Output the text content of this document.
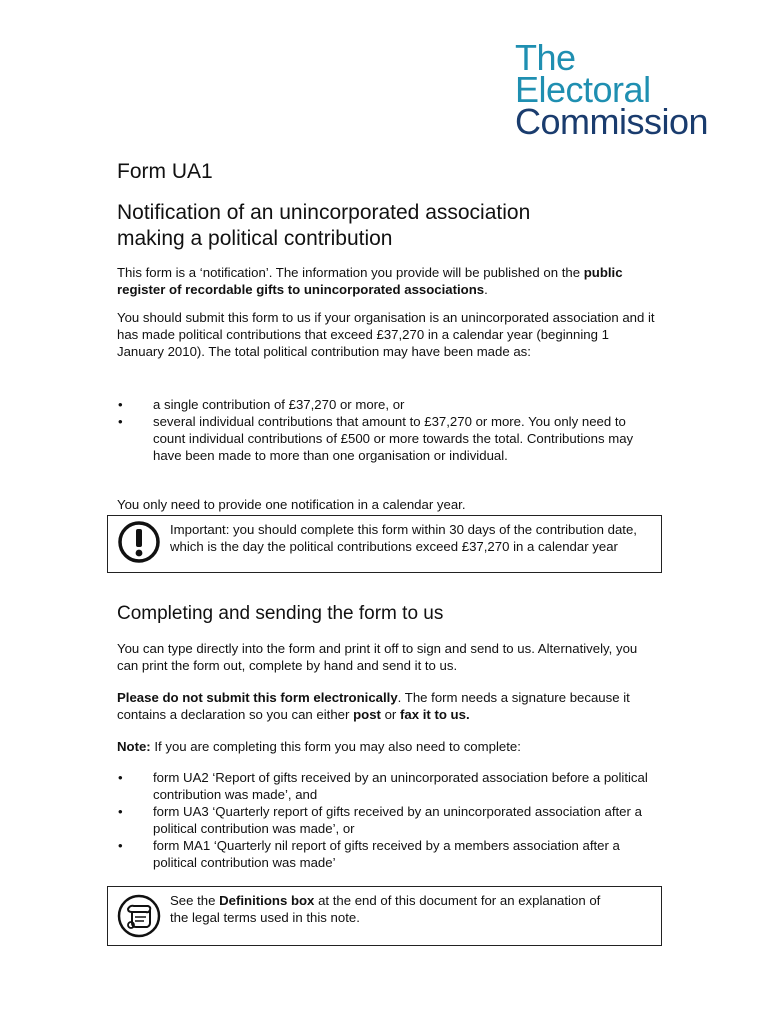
The
Electoral
Commission
Form UA1
Notification of an unincorporated association
making a political contribution
This form is a ‘notification’. The information you provide will be published on the public register of recordable gifts to unincorporated associations.
You should submit this form to us if your organisation is an unincorporated association and it has made political contributions that exceed £37,270 in a calendar year (beginning 1 January 2010). The total political contribution may have been made as:
• a single contribution of £37,270 or more, or
• several individual contributions that amount to £37,270 or more. You only need to count individual contributions of £500 or more towards the total. Contributions may have been made to more than one organisation or individual.
You only need to provide one notification in a calendar year.
Important: you should complete this form within 30 days of the contribution date, which is the day the political contributions exceed £37,270 in a calendar year
Completing and sending the form to us
You can type directly into the form and print it off to sign and send to us. Alternatively, you can print the form out, complete by hand and send it to us.
Please do not submit this form electronically. The form needs a signature because it contains a declaration so you can either post or fax it to us.
Note: If you are completing this form you may also need to complete:
• form UA2 ‘Report of gifts received by an unincorporated association before a political contribution was made’, and
• form UA3 ‘Quarterly report of gifts received by an unincorporated association after a political contribution was made’, or
• form MA1 ‘Quarterly nil report of gifts received by a members association after a political contribution was made’
See the Definitions box at the end of this document for an explanation of the legal terms used in this note.
